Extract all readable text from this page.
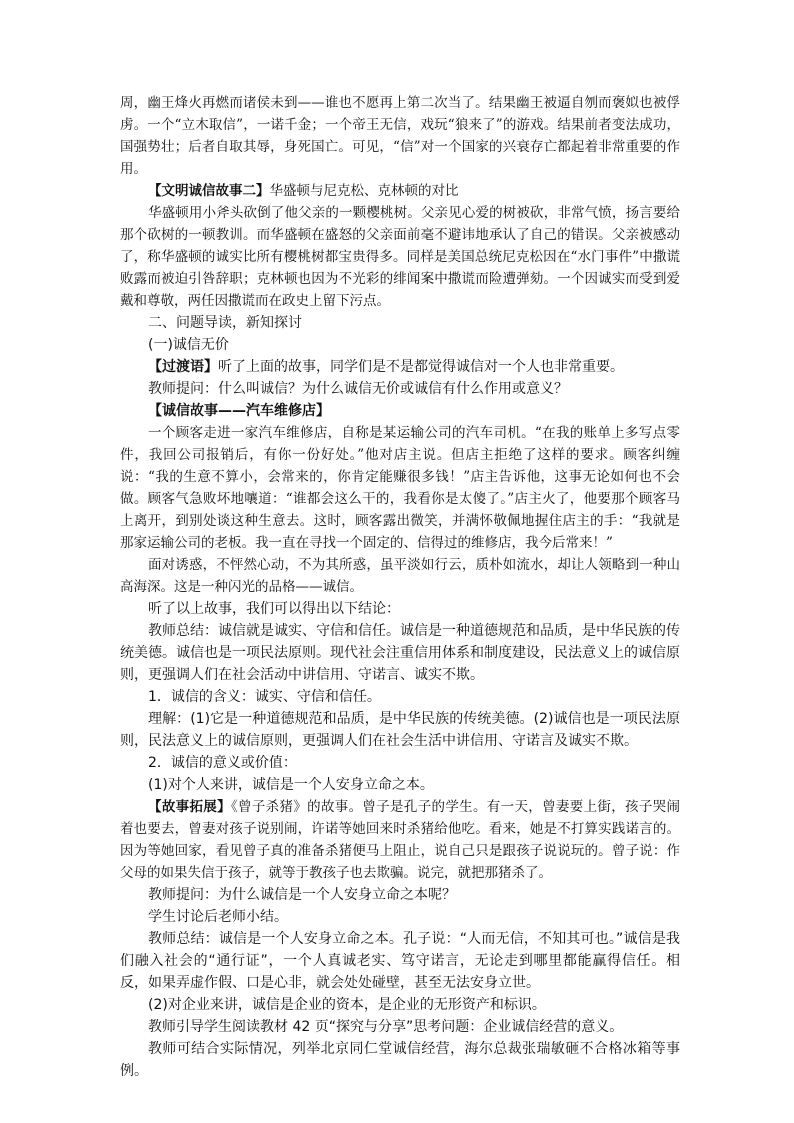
周，幽王烽火再燃而诸侯未到——谁也不愿再上第二次当了。结果幽王被逼自刎而褒姒也被俘虏。一个“立木取信”，一诺千金；一个帝王无信，戏玩“狼来了”的游戏。结果前者变法成功，国强势壮；后者自取其辱，身死国亡。可见，“信”对一个国家的兴衰存亡都起着非常重要的作用。

【文明诚信故事二】华盛顿与尼克松、克林顿的对比

华盛顿用小斧头砍倒了他父亲的一颗樱桃树。父亲见心爱的树被砍，非常气愤，扬言要给那个砍树的一顿教训。而华盛顿在盛怒的父亲面前毫不避讳地承认了自己的错误。父亲被感动了，称华盛顿的诚实比所有樱桃树都宝贵得多。同样是美国总统尼克松因在“水门事件”中撒谎败露而被迫引咎辞职；克林顿也因为不光彩的绯闻案中撒谎而险遭弹劾。一个因诚实而受到爱戴和尊敬，两任因撒谎而在政史上留下污点。

二、问题导读，新知探讨

(一)诚信无价

【过渡语】听了上面的故事，同学们是不是都觉得诚信对一个人也非常重要。

教师提问：什么叫诚信？为什么诚信无价或诚信有什么作用或意义？

【诚信故事——汽车维修店】

一个顾客走进一家汽车维修店，自称是某运输公司的汽车司机。“在我的账单上多写点零件，我回公司报销后，有你一份好处。”他对店主说。但店主拒绝了这样的要求。顾客纠缠说：“我的生意不算小，会常来的，你肯定能赚很多钱！”店主告诉他，这事无论如何也不会做。顾客气急败坏地嚷道：“谁都会这么干的，我看你是太傻了。”店主火了，他要那个顾客马上离开，到别处谈这种生意去。这时，顾客露出微笑，并满怀敬佩地握住店主的手：“我就是那家运输公司的老板。我一直在寻找一个固定的、信得过的维修店，我今后常来！”

面对诱惑，不怦然心动，不为其所惑，虽平淡如行云，质朴如流水，却让人领略到一种山高海深。这是一种闪光的品格——诚信。

听了以上故事，我们可以得出以下结论：

教师总结：诚信就是诚实、守信和信任。诚信是一种道德规范和品质，是中华民族的传统美德。诚信也是一项民法原则。现代社会注重信用体系和制度建设，民法意义上的诚信原则，更强调人们在社会活动中讲信用、守诺言、诚实不欺。

1．诚信的含义：诚实、守信和信任。

理解：(1)它是一种道德规范和品质，是中华民族的传统美德。(2)诚信也是一项民法原则，民法意义上的诚信原则，更强调人们在社会生活中讲信用、守诺言及诚实不欺。

2．诚信的意义或价值：

(1)对个人来讲，诚信是一个人安身立命之本。

【故事拓展】《曾子杀猪》的故事。曾子是孔子的学生。有一天，曾妻要上街，孩子哭闹着也要去，曾妻对孩子说别闹，许诺等她回来时杀猪给他吃。看来，她是不打算实践诺言的。因为等她回家，看见曾子真的准备杀猪便马上阻止，说自己只是跟孩子说说玩的。曾子说：作父母的如果失信于孩子，就等于教孩子也去欺骗。说完，就把那猪杀了。

教师提问：为什么诚信是一个人安身立命之本呢？

学生讨论后老师小结。

教师总结：诚信是一个人安身立命之本。孔子说：“人而无信，不知其可也。”诚信是我们融入社会的“通行证”，一个人真诚老实、笃守诺言，无论走到哪里都能赢得信任。相反，如果弄虚作假、口是心非，就会处处碰壁，甚至无法安身立世。

(2)对企业来讲，诚信是企业的资本，是企业的无形资产和标识。

教师引导学生阅读教材 42 页“探究与分享”思考问题：企业诚信经营的意义。

教师可结合实际情况，列举北京同仁堂诚信经营，海尔总裁张瑞敏砸不合格冰箱等事例。
